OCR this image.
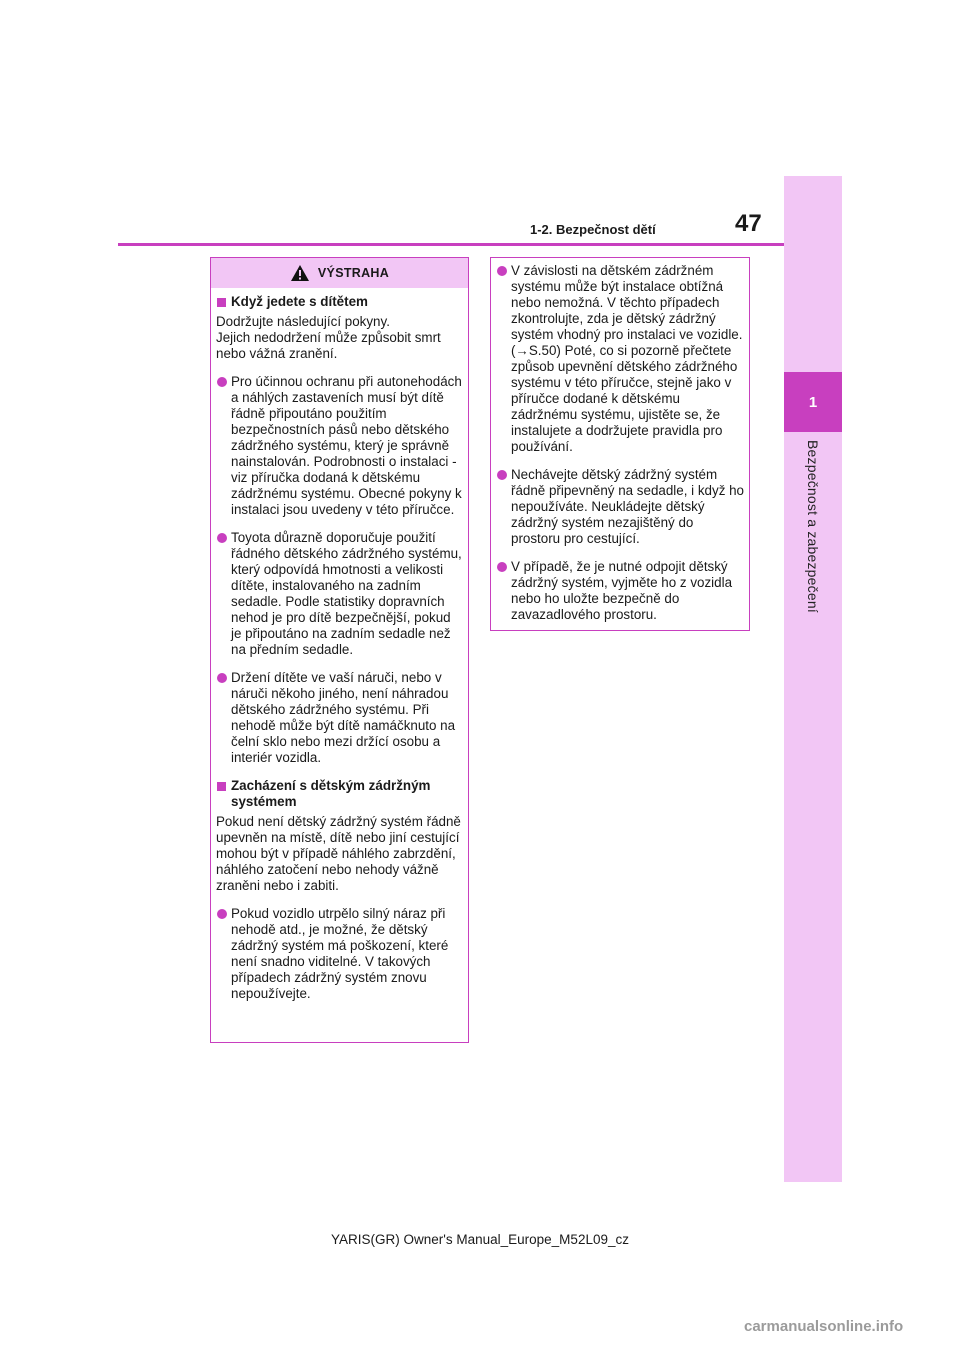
1
Bezpečnost a zabezpečení
47
1-2. Bezpečnost dětí
VÝSTRAHA
Když jedete s dítětem
Dodržujte následující pokyny.
Jejich nedodržení může způsobit smrt nebo vážná zranění.
Pro účinnou ochranu při autonehodách a náhlých zastaveních musí být dítě řádně připoutáno použitím bezpečnostních pásů nebo dětského zádržného systému, který je správně nainstalován. Podrobnosti o instalaci - viz příručka dodaná k dětskému zádržnému systému. Obecné pokyny k instalaci jsou uvedeny v této příručce.
Toyota důrazně doporučuje použití řádného dětského zádržného systému, který odpovídá hmotnosti a velikosti dítěte, instalovaného na zadním sedadle. Podle statistiky dopravních nehod je pro dítě bezpečnější, pokud je připoutáno na zadním sedadle než na předním sedadle.
Držení dítěte ve vaší náruči, nebo v náruči někoho jiného, není náhradou dětského zádržného systému. Při nehodě může být dítě namáčknuto na čelní sklo nebo mezi držící osobu a interiér vozidla.
Zacházení s dětským zádržným systémem
Pokud není dětský zádržný systém řádně upevněn na místě, dítě nebo jiní cestující mohou být v případě náhlého zabrzdění, náhlého zatočení nebo nehody vážně zraněni nebo i zabiti.
Pokud vozidlo utrpělo silný náraz při nehodě atd., je možné, že dětský zádržný systém má poškození, které není snadno viditelné. V takových případech zádržný systém znovu nepoužívejte.
V závislosti na dětském zádržném systému může být instalace obtížná nebo nemožná. V těchto případech zkontrolujte, zda je dětský zádržný systém vhodný pro instalaci ve vozidle. (→S.50) Poté, co si pozorně přečtete způsob upevnění dětského zádržného systému v této příručce, stejně jako v příručce dodané k dětskému zádržnému systému, ujistěte se, že instalujete a dodržujete pravidla pro používání.
Nechávejte dětský zádržný systém řádně připevněný na sedadle, i když ho nepoužíváte. Neukládejte dětský zádržný systém nezajištěný do prostoru pro cestující.
V případě, že je nutné odpojit dětský zádržný systém, vyjměte ho z vozidla nebo ho uložte bezpečně do zavazadlového prostoru.
YARIS(GR) Owner's Manual_Europe_M52L09_cz
carmanualsonline.info
